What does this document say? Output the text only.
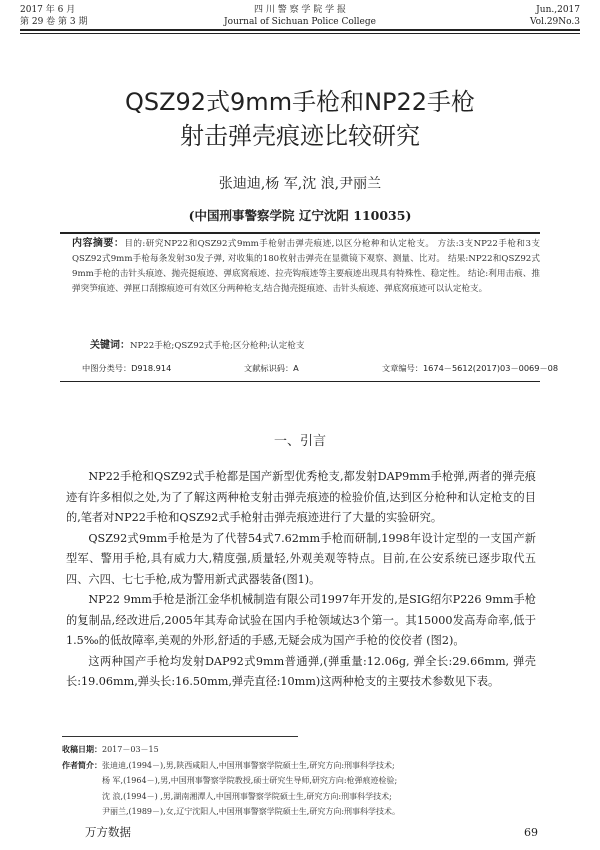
2017 年 6 月
第 29 卷 第 3 期
四 川 警 察 学 院 学 报
Journal of Sichuan Police College
Jun.,2017
Vol.29No.3
QSZ92式9mm手枪和NP22手枪
射击弹壳痕迹比较研究
张迪迪,杨 军,沈 浪,尹丽兰
(中国刑事警察学院 辽宁沈阳 110035)
内容摘要：目的:研究NP22和QSZ92式9mm手枪射击弹壳痕迹,以区分枪种和认定枪支。 方法:3支NP22手枪和3支QSZ92式9mm手枪每条发射30发子弹, 对收集的180枚射击弹壳在显微镜下观察、测量、比对。 结果:NP22和QSZ92式9mm手枪的击针头痕迹、抛壳挺痕迹、弹底窝痕迹、拉壳钩痕迹等主要痕迹出现具有特殊性、稳定性。 结论:利用击痕、推弹突笋痕迹、弹匣口刮擦痕迹可有效区分两种枪支,结合抛壳挺痕迹、击针头痕迹、弹底窝痕迹可以认定枪支。
关键词：NP22手枪;QSZ92式手枪;区分枪种;认定枪支
中图分类号：D918.914	文献标识码：A	文章编号：1674－5612(2017)03－0069－08
一、引言

NP22手枪和QSZ92式手枪都是国产新型优秀枪支,都发射DAP9mm手枪弹,两者的弹壳痕迹有许多相似之处,为了了解这两种枪支射击弹壳痕迹的检验价值,达到区分枪种和认定枪支的目的,笔者对NP22手枪和QSZ92式手枪射击弹壳痕迹进行了大量的实验研究。

QSZ92式9mm手枪是为了代替54式7.62mm手枪而研制,1998年设计定型的一支国产新型军、警用手枪,具有威力大,精度强,质量轻,外观美观等特点。目前,在公安系统已逐步取代五四、六四、七七手枪,成为警用新式武器装备(图1)。

NP22 9mm手枪是浙江金华机械制造有限公司1997年开发的,是SIG绍尔P226 9mm手枪的复制品,经改进后,2005年其寿命试验在国内手枪领域达3个第一。其15000发高寿命率,低于1.5‰的低故障率,美观的外形,舒适的手感,无疑会成为国产手枪的佼佼者 (图2)。

这两种国产手枪均发射DAP92式9mm普通弹,(弹重量:12.06g, 弹全长:29.66mm, 弹壳长:19.06mm,弹头长:16.50mm,弹壳直径:10mm)这两种枪支的主要技术参数见下表。

收稿日期：2017－03－15
作者简介：张迪迪,(1994－),男,陕西咸阳人,中国刑事警察学院硕士生,研究方向:刑事科学技术;
杨 军,(1964－),男,中国刑事警察学院教授,硕士研究生导师,研究方向:枪弹痕迹检验;
沈 浪,(1994－) ,男,湖南湘潭人,中国刑事警察学院硕士生,研究方向:刑事科学技术;
尹丽兰,(1989－),女,辽宁沈阳人,中国刑事警察学院硕士生,研究方向:刑事科学技术。
万方数据	69
